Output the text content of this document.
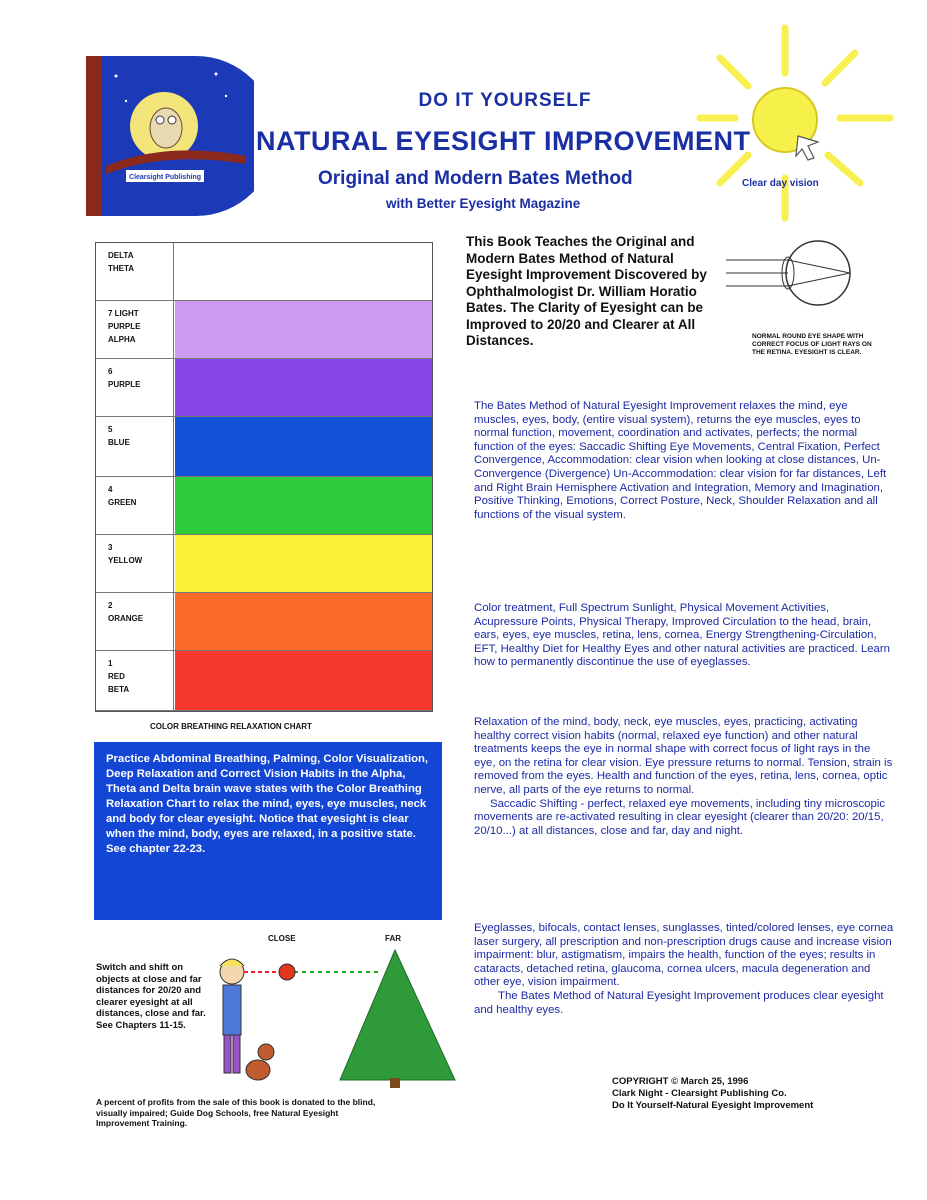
Clearsight Publishing
DO IT YOURSELF
NATURAL EYESIGHT IMPROVEMENT
Original and Modern Bates Method
with Better Eyesight Magazine
Clear day vision
DELTA
THETA
7 LIGHT
PURPLE
ALPHA
6
PURPLE
5
BLUE
4
GREEN
3
YELLOW
2
ORANGE
1
RED
BETA
COLOR BREATHING RELAXATION CHART
Practice Abdominal Breathing, Palming, Color Visualization, Deep Relaxation and Correct Vision Habits in the Alpha, Theta and Delta brain wave states with the Color Breathing Relaxation Chart to relax the mind, eyes, eye muscles, neck and body for clear eyesight. Notice that eyesight is clear when the mind, body, eyes are relaxed, in a positive state. See chapter 22-23.
CLOSE	FAR
Switch and shift on objects at close and far distances for 20/20 and clearer eyesight at all distances, close and far.
See Chapters 11-15.
A percent of profits from the sale of this book is donated to the blind, visually impaired; Guide Dog Schools, free Natural Eyesight Improvement Training.
This Book Teaches the Original and Modern Bates Method of Natural Eyesight Improvement Discovered by Ophthalmologist Dr. William Horatio Bates. The Clarity of Eyesight can be Improved to 20/20 and Clearer at All Distances.	NORMAL ROUND EYE SHAPE WITH CORRECT FOCUS OF LIGHT RAYS ON THE RETINA. EYESIGHT IS CLEAR.
The Bates Method of Natural Eyesight Improvement relaxes the mind, eye muscles, eyes, body, (entire visual system), returns the eye muscles, eyes to normal function, movement, coordination and activates, perfects; the normal function of the eyes: Saccadic Shifting Eye Movements, Central Fixation, Perfect Convergence, Accommodation: clear vision when looking at close distances, Un-Convergence (Divergence) Un-Accommodation: clear vision for far distances, Left and Right Brain Hemisphere Activation and Integration, Memory and Imagination, Positive Thinking, Emotions, Correct Posture, Neck, Shoulder Relaxation and all functions of the visual system.
Color treatment, Full Spectrum Sunlight, Physical Movement Activities, Acupressure Points, Physical Therapy, Improved Circulation to the head, brain, ears, eyes, eye muscles, retina, lens, cornea, Energy Strengthening-Circulation, EFT, Healthy Diet for Healthy Eyes and other natural activities are practiced. Learn how to permanently discontinue the use of eyeglasses.
Relaxation of the mind, body, neck, eye muscles, eyes, practicing, activating healthy correct vision habits (normal, relaxed eye function) and other natural treatments keeps the eye in normal shape with correct focus of light rays in the eye, on the retina for clear vision. Eye pressure returns to normal. Tension, strain is removed from the eyes. Health and function of the eyes, retina, lens, cornea, optic nerve, all parts of the eye returns to normal.
Saccadic Shifting - perfect, relaxed eye movements, including tiny microscopic movements are re-activated resulting in clear eyesight (clearer than 20/20: 20/15, 20/10...) at all distances, close and far, day and night.
Eyeglasses, bifocals, contact lenses, sunglasses, tinted/colored lenses, eye cornea laser surgery, all prescription and non-prescription drugs cause and increase vision impairment: blur, astigmatism, impairs the health, function of the eyes; results in cataracts, detached retina, glaucoma, cornea ulcers, macula degeneration and other eye, vision impairment.
The Bates Method of Natural Eyesight Improvement produces clear eyesight and healthy eyes.
COPYRIGHT © March 25, 1996
Clark Night - Clearsight Publishing Co.
Do It Yourself-Natural Eyesight Improvement
